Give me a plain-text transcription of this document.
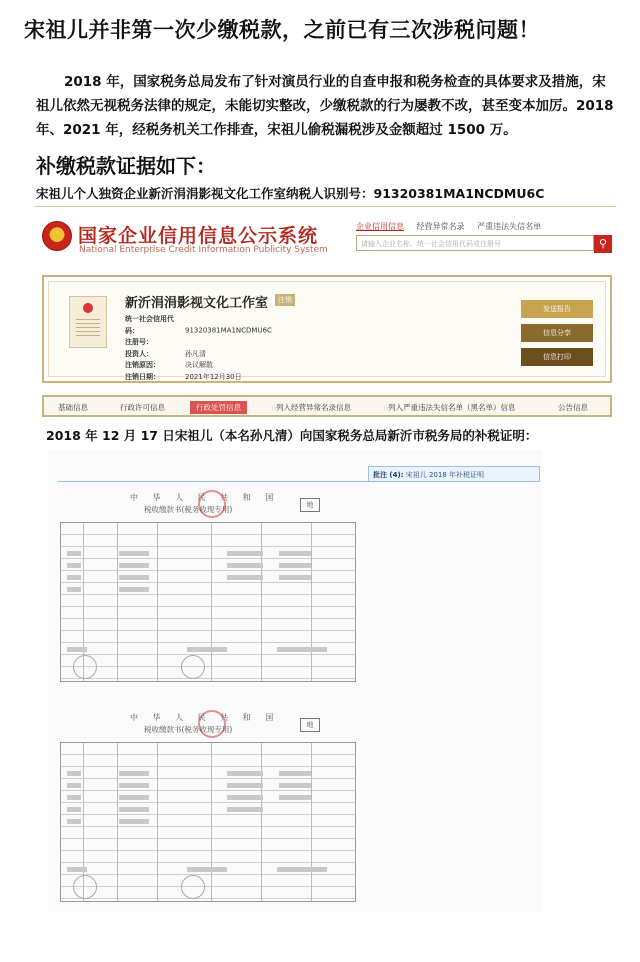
宋祖儿并非第一次少缴税款，之前已有三次涉税问题！
2018 年，国家税务总局发布了针对演员行业的自查申报和税务检查的具体要求及措施，宋祖儿依然无视税务法律的规定，未能切实整改，少缴税款的行为屡教不改，甚至变本加厉。2018 年、2021 年，经税务机关工作排查，宋祖儿偷税漏税涉及金额超过 1500 万。
补缴税款证据如下：
宋祖儿个人独资企业新沂涓涓影视文化工作室纳税人识别号：91320381MA1NCDMU6C
国家企业信用信息公示系统
National Enterprise Credit Information Publicity System
企业信用信息 经营异常名录 严重违法失信名单
请输入企业名称、统一社会信用代码或注册号	⚲
新沂涓涓影视文化工作室	注销
统一社会信用代码：	91320381MA1NCDMU6C
注册号：
投资人：	孙凡清
注销原因：	决议解散
注销日期：	2021年12月30日
发送报告
信息分享
信息打印
基础信息	行政许可信息	行政处罚信息	列入经营异常名录信息	列入严重违法失信名单（黑名单）信息	公告信息
2018 年 12 月 17 日宋祖儿（本名孙凡清）向国家税务总局新沂市税务局的补税证明：
批注 (4): 宋祖儿 2018 年补税证明
中 华 人 民 共 和 国
税收缴款书(税务收现专用)	地
中 华 人 民 共 和 国
税收缴款书(税务收现专用)	地
